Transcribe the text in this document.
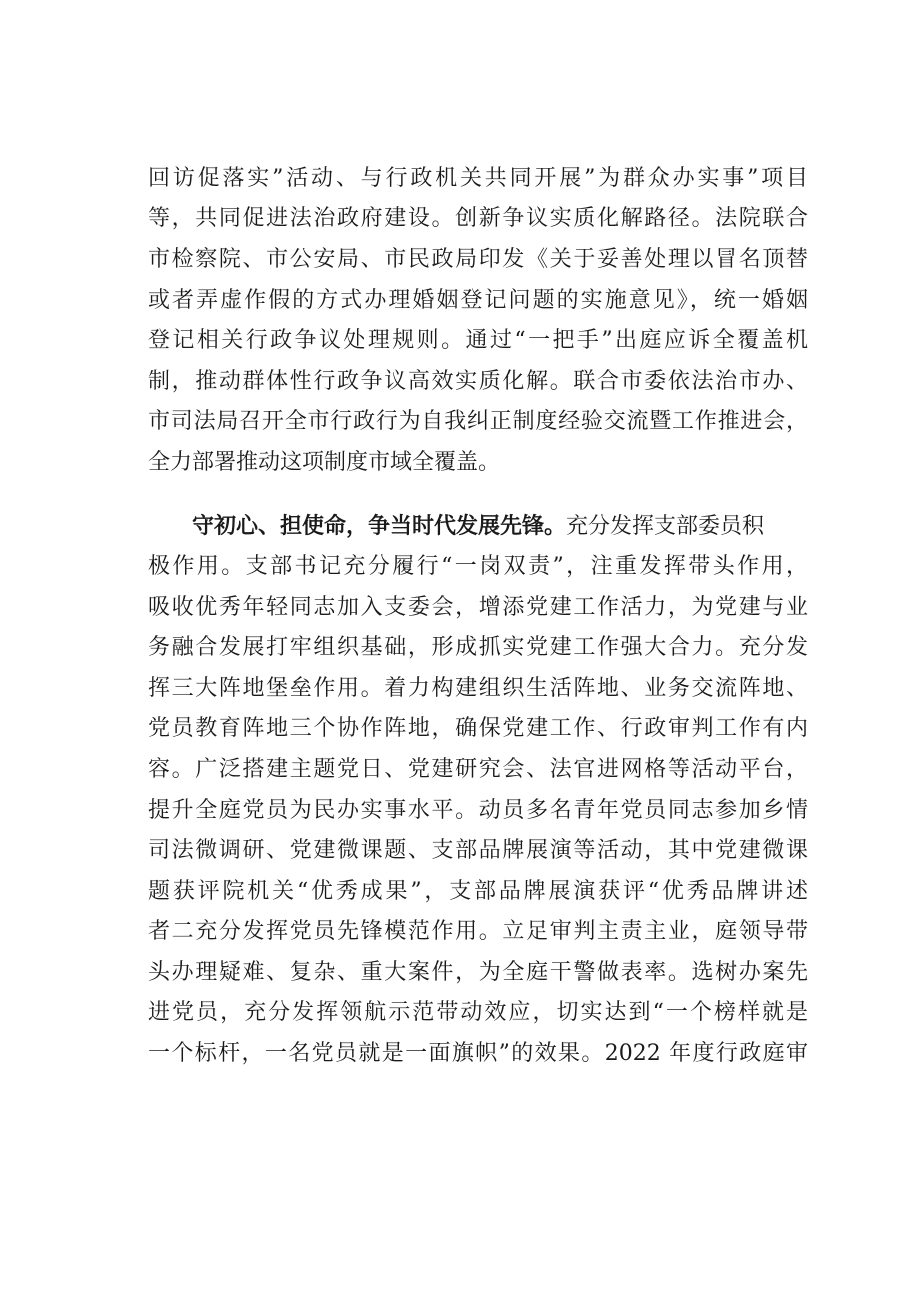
回访促落实”活动、与行政机关共同开展”为群众办实事”项目
等，共同促进法治政府建设。创新争议实质化解路径。法院联合
市检察院、市公安局、市民政局印发《关于妥善处理以冒名顶替
或者弄虚作假的方式办理婚姻登记问题的实施意见》，统一婚姻
登记相关行政争议处理规则。通过“一把手”出庭应诉全覆盖机
制，推动群体性行政争议高效实质化解。联合市委依法治市办、
市司法局召开全市行政行为自我纠正制度经验交流暨工作推进会，
全力部署推动这项制度市域全覆盖。
守初心、担使命，争当时代发展先锋。充分发挥支部委员积
极作用。支部书记充分履行“一岗双责”，注重发挥带头作用，
吸收优秀年轻同志加入支委会，增添党建工作活力，为党建与业
务融合发展打牢组织基础，形成抓实党建工作强大合力。充分发
挥三大阵地堡垒作用。着力构建组织生活阵地、业务交流阵地、
党员教育阵地三个协作阵地，确保党建工作、行政审判工作有内
容。广泛搭建主题党日、党建研究会、法官进网格等活动平台，
提升全庭党员为民办实事水平。动员多名青年党员同志参加乡情
司法微调研、党建微课题、支部品牌展演等活动，其中党建微课
题获评院机关“优秀成果”，支部品牌展演获评“优秀品牌讲述
者二充分发挥党员先锋模范作用。立足审判主责主业，庭领导带
头办理疑难、复杂、重大案件，为全庭干警做表率。选树办案先
进党员，充分发挥领航示范带动效应，切实达到“一个榜样就是
一个标杆，一名党员就是一面旗帜”的效果。2022 年度行政庭审
